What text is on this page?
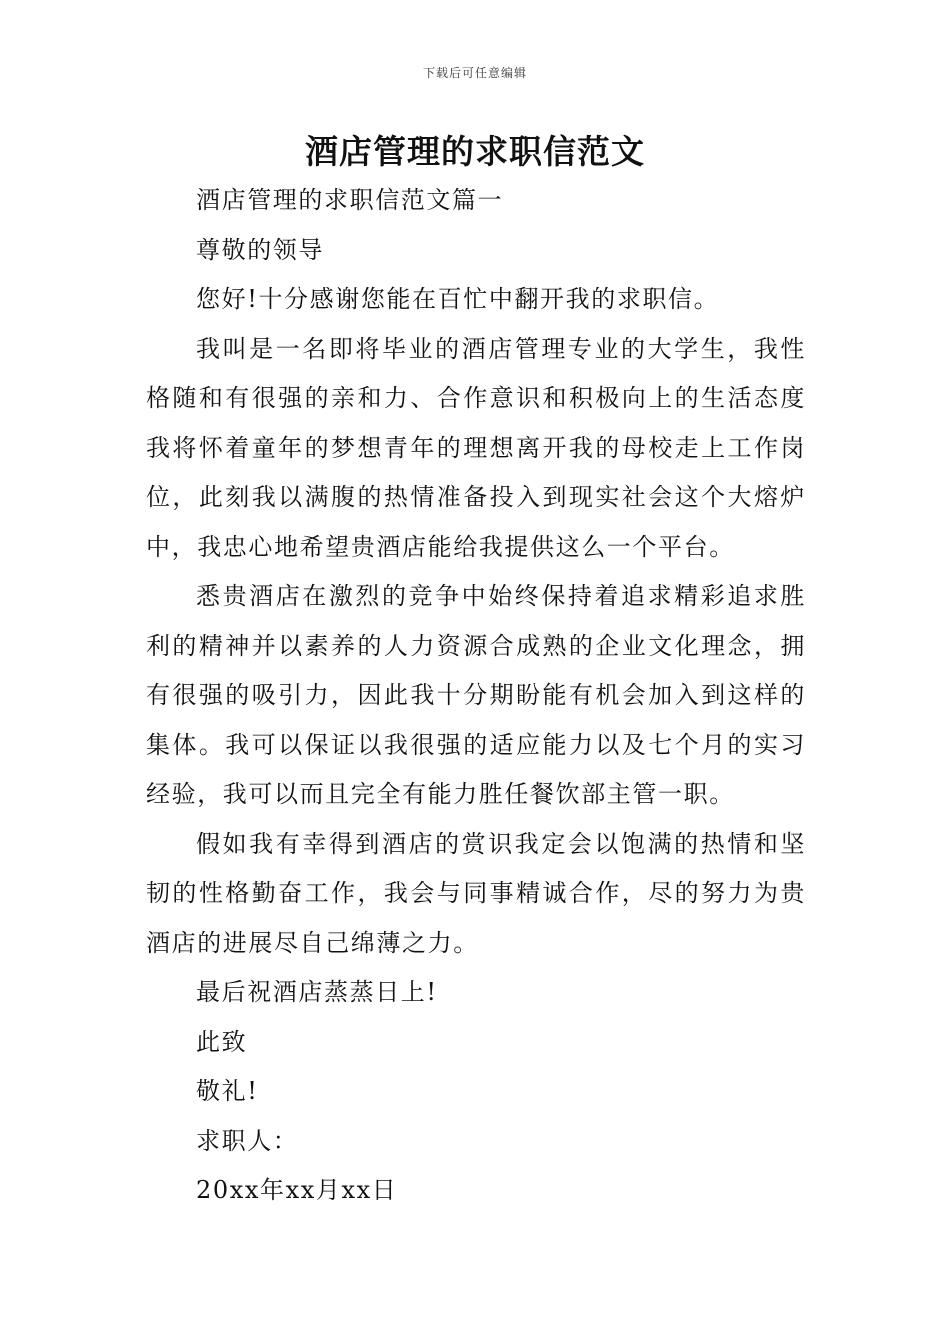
下载后可任意编辑
酒店管理的求职信范文

酒店管理的求职信范文篇一

尊敬的领导

您好!十分感谢您能在百忙中翻开我的求职信。

我叫是一名即将毕业的酒店管理专业的大学生，我性格随和有很强的亲和力、合作意识和积极向上的生活态度我将怀着童年的梦想青年的理想离开我的母校走上工作岗位，此刻我以满腹的热情准备投入到现实社会这个大熔炉中，我忠心地希望贵酒店能给我提供这么一个平台。

悉贵酒店在激烈的竞争中始终保持着追求精彩追求胜利的精神并以素养的人力资源合成熟的企业文化理念，拥有很强的吸引力，因此我十分期盼能有机会加入到这样的集体。我可以保证以我很强的适应能力以及七个月的实习经验，我可以而且完全有能力胜任餐饮部主管一职。

假如我有幸得到酒店的赏识我定会以饱满的热情和坚韧的性格勤奋工作，我会与同事精诚合作，尽的努力为贵酒店的进展尽自己绵薄之力。

最后祝酒店蒸蒸日上!

此致

敬礼!

求职人：

20xx年xx月xx日
